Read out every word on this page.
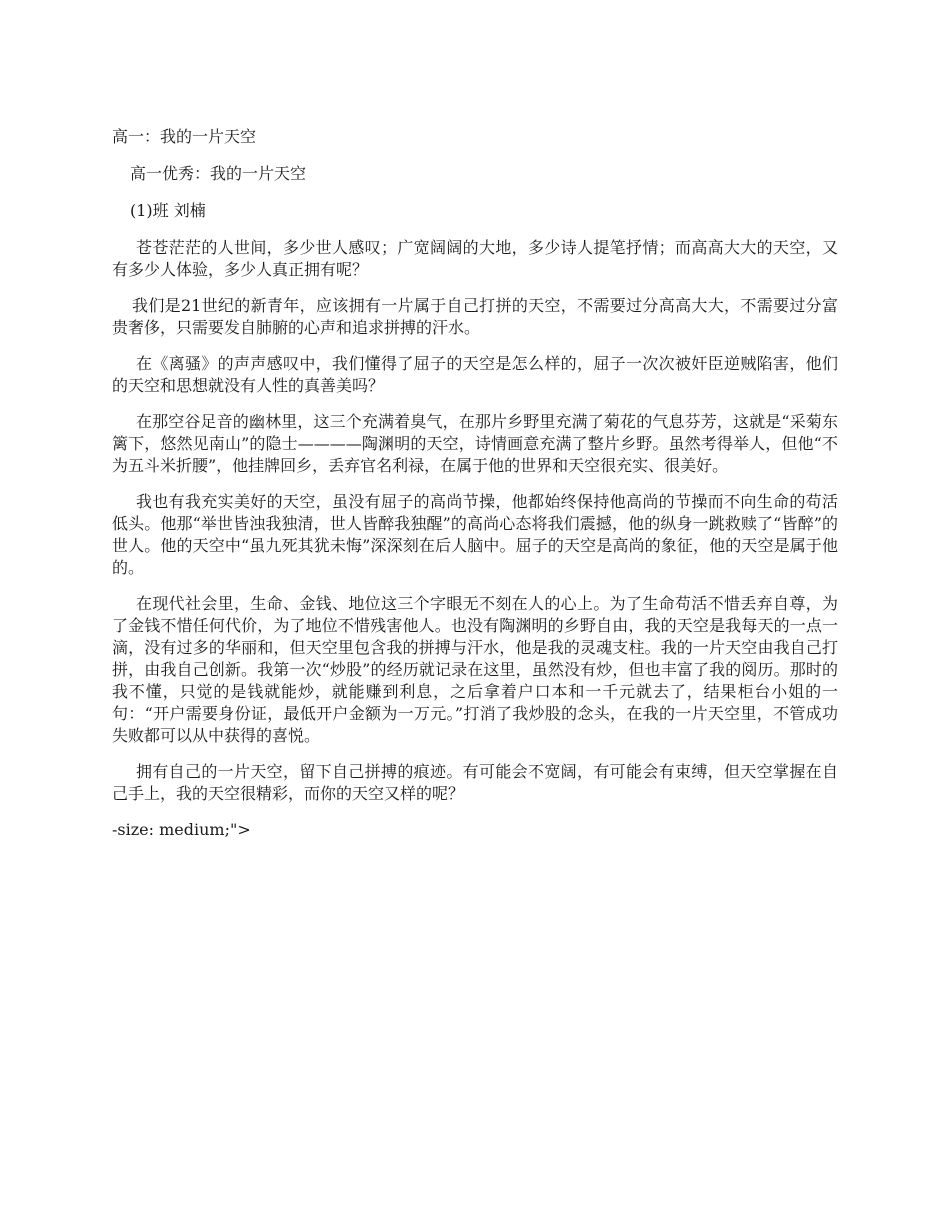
高一：我的一片天空

高一优秀：我的一片天空

(1)班 刘楠

苍苍茫茫的人世间，多少世人感叹；广宽阔阔的大地，多少诗人提笔抒情；而高高大大的天空，又有多少人体验，多少人真正拥有呢？

我们是21世纪的新青年，应该拥有一片属于自己打拼的天空，不需要过分高高大大，不需要过分富贵奢侈，只需要发自肺腑的心声和追求拼搏的汗水。

在《离骚》的声声感叹中，我们懂得了屈子的天空是怎么样的，屈子一次次被奸臣逆贼陷害，他们的天空和思想就没有人性的真善美吗？

在那空谷足音的幽林里，这三个充满着臭气，在那片乡野里充满了菊花的气息芬芳，这就是“采菊东篱下，悠然见南山”的隐士————陶渊明的天空，诗情画意充满了整片乡野。虽然考得举人，但他“不为五斗米折腰”，他挂牌回乡，丢弃官名利禄，在属于他的世界和天空很充实、很美好。

我也有我充实美好的天空，虽没有屈子的高尚节操，他都始终保持他高尚的节操而不向生命的苟活低头。他那“举世皆浊我独清，世人皆醉我独醒”的高尚心态将我们震撼，他的纵身一跳救赎了“皆醉”的世人。他的天空中“虽九死其犹未悔”深深刻在后人脑中。屈子的天空是高尚的象征，他的天空是属于他的。

在现代社会里，生命、金钱、地位这三个字眼无不刻在人的心上。为了生命苟活不惜丢弃自尊，为了金钱不惜任何代价，为了地位不惜残害他人。也没有陶渊明的乡野自由，我的天空是我每天的一点一滴，没有过多的华丽和，但天空里包含我的拼搏与汗水，他是我的灵魂支柱。我的一片天空由我自己打拼，由我自己创新。我第一次“炒股”的经历就记录在这里，虽然没有炒，但也丰富了我的阅历。那时的我不懂，只觉的是钱就能炒，就能赚到利息，之后拿着户口本和一千元就去了，结果柜台小姐的一句：“开户需要身份证，最低开户金额为一万元。”打消了我炒股的念头，在我的一片天空里，不管成功失败都可以从中获得的喜悦。

拥有自己的一片天空，留下自己拼搏的痕迹。有可能会不宽阔，有可能会有束缚，但天空掌握在自己手上，我的天空很精彩，而你的天空又样的呢？

-size: medium;">
